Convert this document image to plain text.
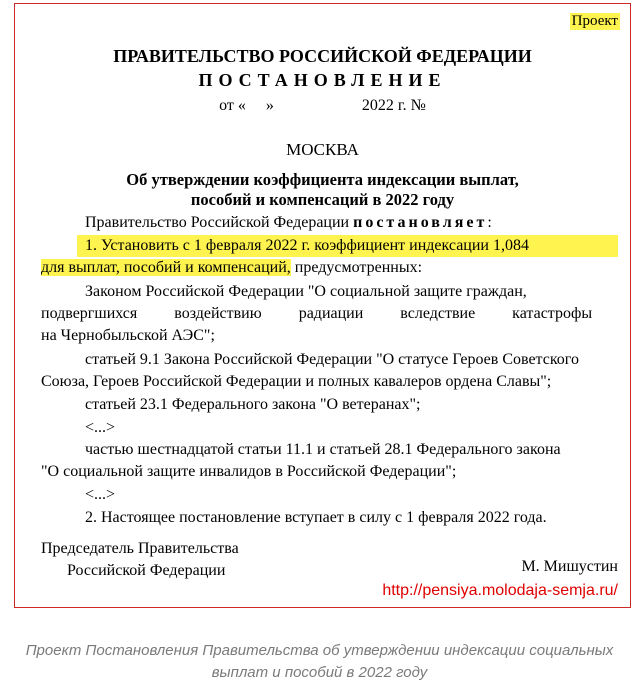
Проект
ПРАВИТЕЛЬСТВО РОССИЙСКОЙ ФЕДЕРАЦИИ
ПОСТАНОВЛЕНИЕ
от «     »	2022 г. №
МОСКВА
Об утверждении коэффициента индексации выплат,
пособий и компенсаций в 2022 году
Правительство Российской Федерации постановляет:
1. Установить с 1 февраля 2022 г. коэффициент индексации 1,084
для выплат, пособий и компенсаций, предусмотренных:
Законом Российской Федерации "О социальной защите граждан,
подвергшихся воздействию радиации вследствие катастрофы
на Чернобыльской АЭС";
статьей 9.1 Закона Российской Федерации "О статусе Героев Советского
Союза, Героев Российской Федерации и полных кавалеров ордена Славы";
статьей 23.1 Федерального закона "О ветеранах";
<...>
частью шестнадцатой статьи 11.1 и статьей 28.1 Федерального закона
"О социальной защите инвалидов в Российской Федерации";
<...>
2. Настоящее постановление вступает в силу с 1 февраля 2022 года.
Председатель Правительства
Российской Федерации	М. Мишустин
http://pensiya.molodaja-semja.ru/
Проект Постановления Правительства об утверждении индексации социальных выплат и пособий в 2022 году
